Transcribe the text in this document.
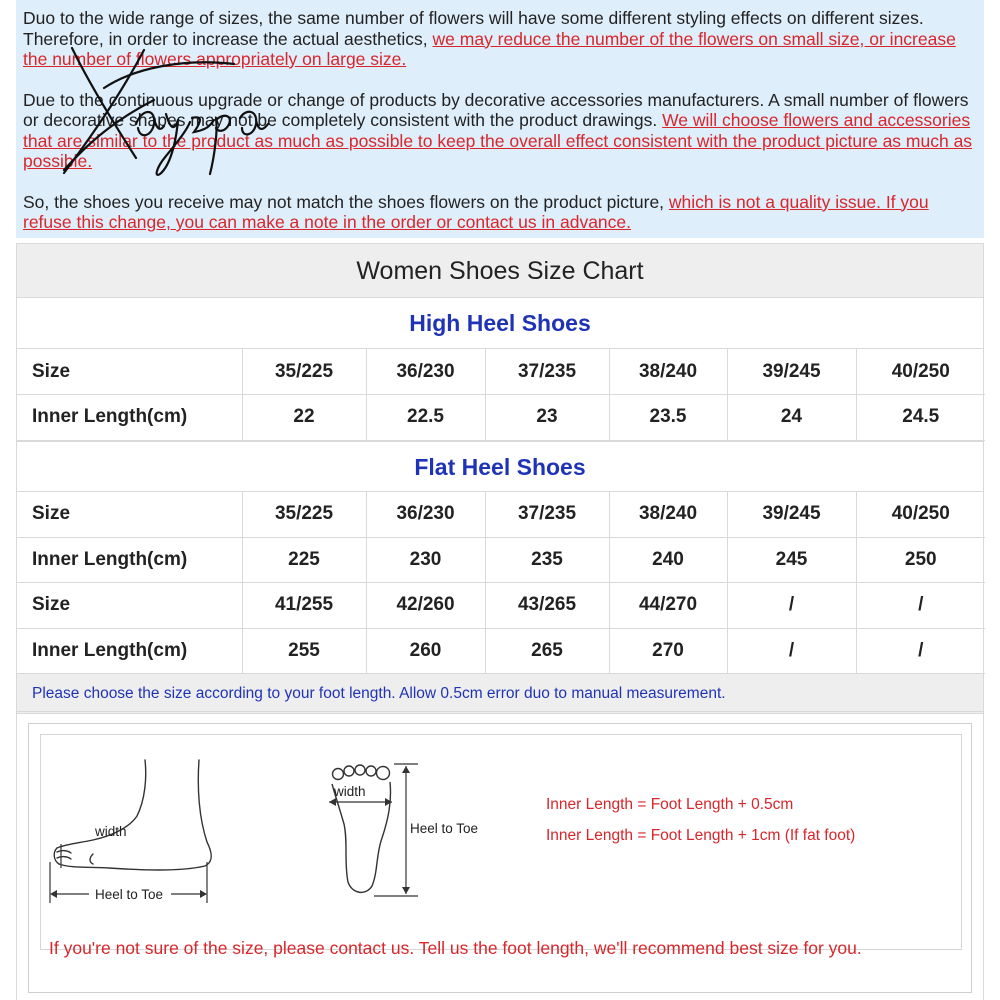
Duo to the wide range of sizes, the same number of flowers will have some different styling effects on different sizes. Therefore, in order to increase the actual aesthetics, we may reduce the number of the flowers on small size, or increase the number of flowers appropriately on large size.

Due to the continuous upgrade or change of products by decorative accessories manufacturers. A small number of flowers or decorative shapes may not be completely consistent with the product drawings. We will choose flowers and accessories that are similar to the product as much as possible to keep the overall effect consistent with the product picture as much as possible.

So, the shoes you receive may not match the shoes flowers on the product picture, which is not a quality issue. If you refuse this change, you can make a note in the order or contact us in advance.

Women Shoes Size Chart
High Heel Shoes
Size	35/225	36/230	37/235	38/240	39/245	40/250
Inner Length(cm)	22	22.5	23	23.5	24	24.5
Flat Heel Shoes
Size	35/225	36/230	37/235	38/240	39/245	40/250
Inner Length(cm)	225	230	235	240	245	250
Size	41/255	42/260	43/265	44/270	/	/
Inner Length(cm)	255	260	265	270	/	/
Please choose the size according to your foot length. Allow 0.5cm error duo to manual measurement.
width
Heel to Toe
width
Heel to Toe
Inner Length = Foot Length + 0.5cm
Inner Length = Foot Length + 1cm (If fat foot)
If you're not sure of the size, please contact us. Tell us the foot length, we'll recommend best size for you.
